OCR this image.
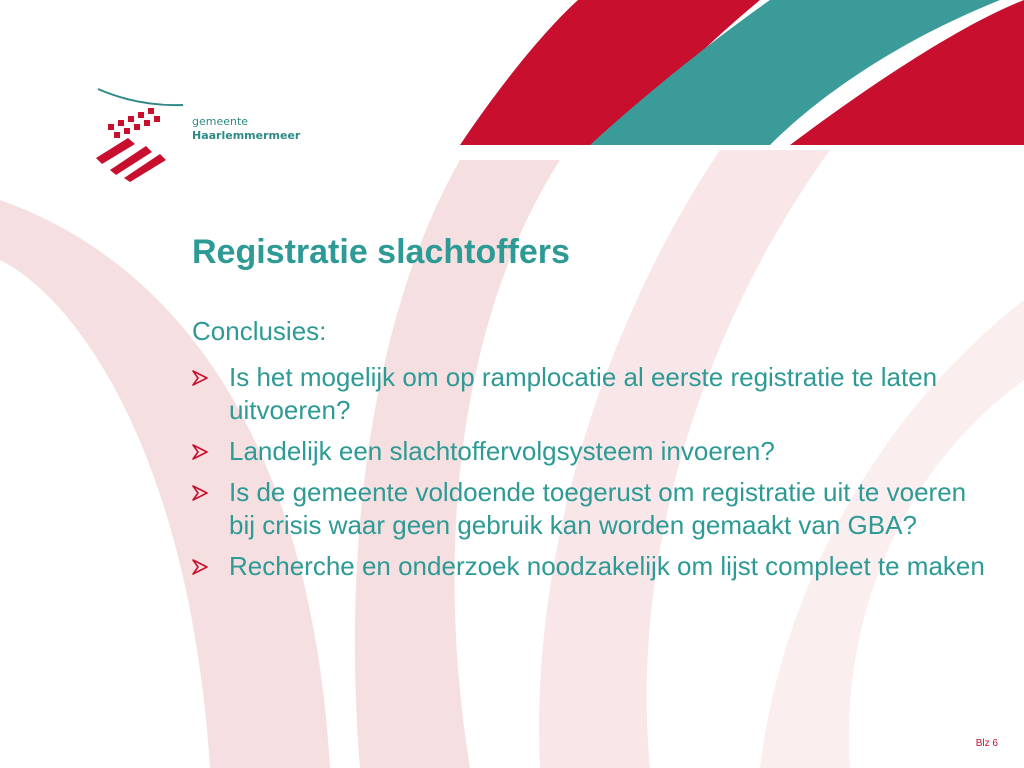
gemeente
Haarlemmermeer
Registratie slachtoffers

Conclusies:

Is het mogelijk om op ramplocatie al eerste registratie te laten uitvoeren?
Landelijk een slachtoffervolgsysteem invoeren?
Is de gemeente voldoende toegerust om registratie uit te voeren bij crisis waar geen gebruik kan worden gemaakt van GBA?
Recherche en onderzoek noodzakelijk om lijst compleet te maken
Blz 6
